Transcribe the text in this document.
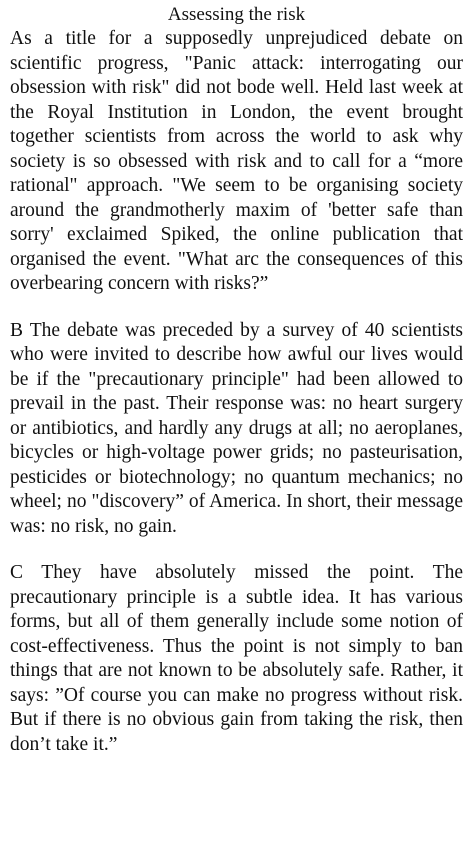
Assessing the risk

As a title for a supposedly unprejudiced debate on scientific progress, "Panic attack: interrogating our obsession with risk" did not bode well. Held last week at the Royal Institution in London, the event brought together scientists from across the world to ask why society is so obsessed with risk and to call for a “more rational" approach. "We seem to be organising society around the grandmotherly maxim of 'better safe than sorry' exclaimed Spiked, the online publication that organised the event. "What arc the consequences of this overbearing concern with risks?”

B The debate was preceded by a survey of 40 scientists who were invited to describe how awful our lives would be if the "precautionary principle" had been allowed to prevail in the past. Their response was: no heart surgery or antibiotics, and hardly any drugs at all; no aeroplanes, bicycles or high-voltage power grids; no pasteurisation, pesticides or biotechnology; no quantum mechanics; no wheel; no "discovery” of America. In short, their message was: no risk, no gain.

C They have absolutely missed the point. The precautionary principle is a subtle idea. It has various forms, but all of them generally include some notion of cost-effectiveness. Thus the point is not simply to ban things that are not known to be absolutely safe. Rather, it says: ”Of course you can make no progress without risk. But if there is no obvious gain from taking the risk, then don’t take it.”
